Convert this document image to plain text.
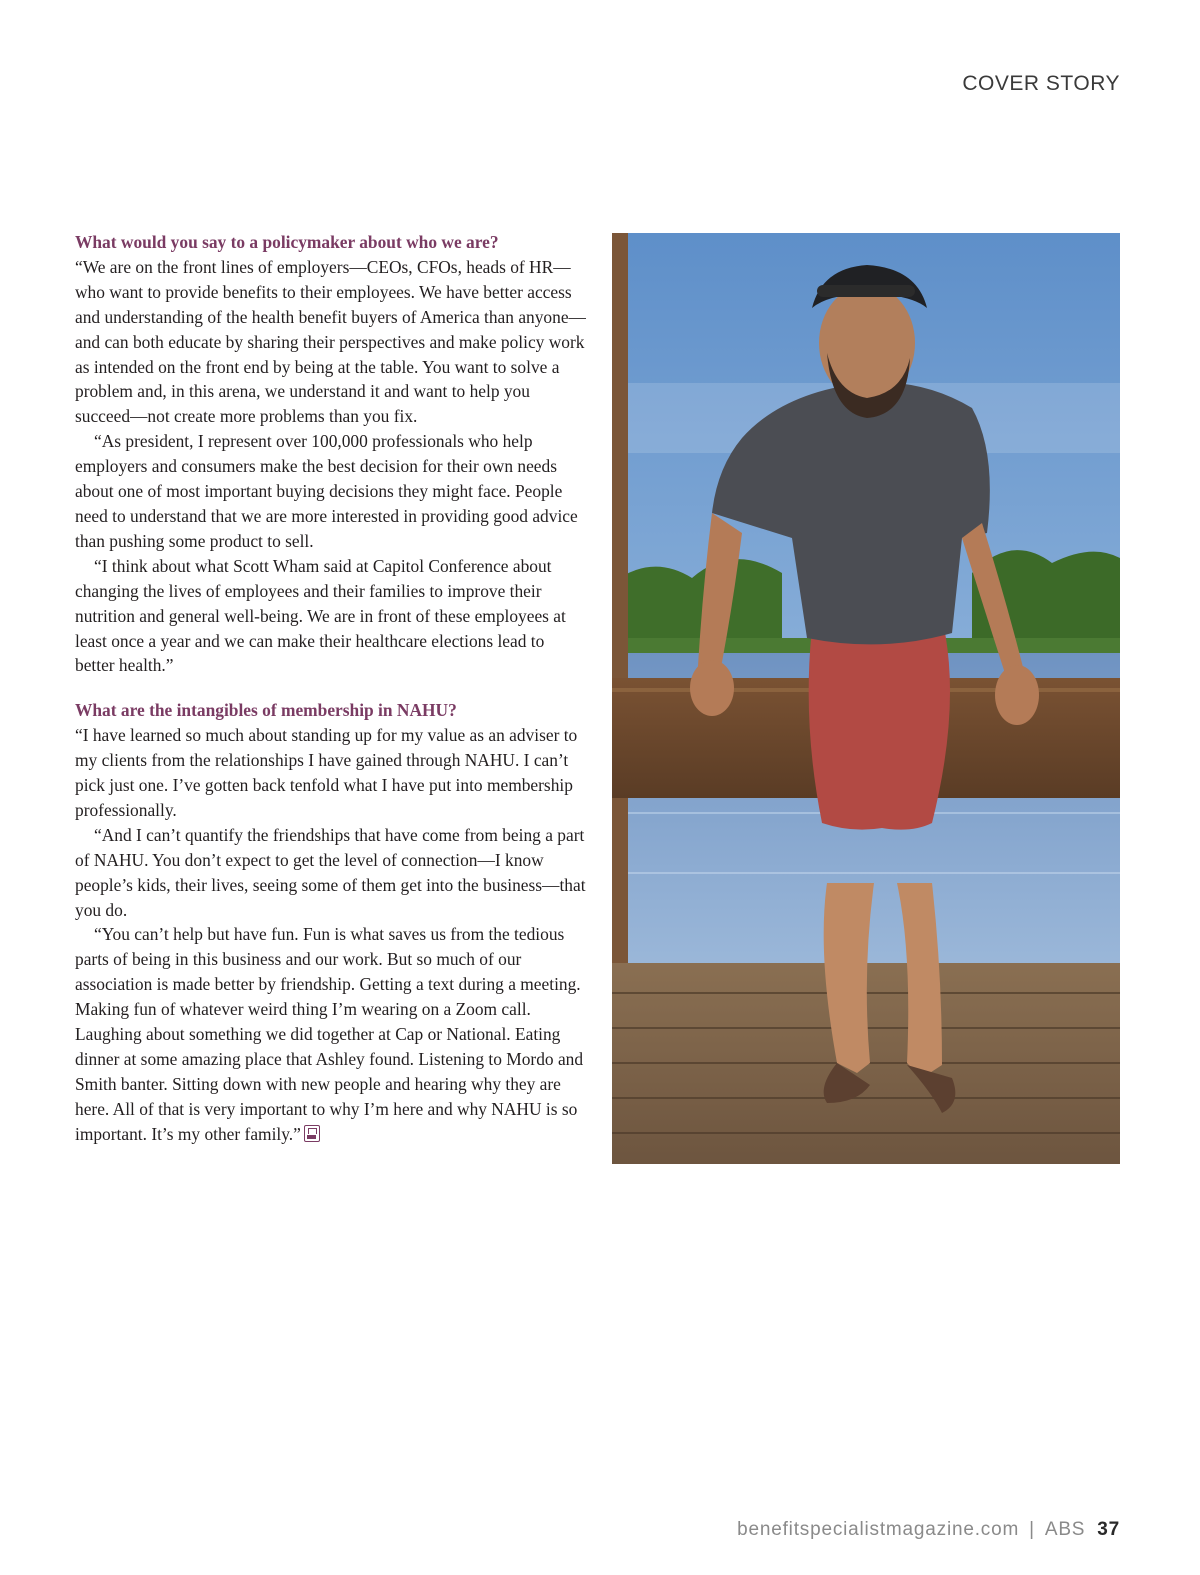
COVER STORY
What would you say to a policymaker about who we are?

“We are on the front lines of employers—CEOs, CFOs, heads of HR—who want to provide benefits to their employees. We have better access and understanding of the health benefit buyers of America than anyone—and can both educate by sharing their perspectives and make policy work as intended on the front end by being at the table. You want to solve a problem and, in this arena, we understand it and want to help you succeed—not create more problems than you fix.

“As president, I represent over 100,000 professionals who help employers and consumers make the best decision for their own needs about one of most important buying decisions they might face. People need to understand that we are more interested in providing good advice than pushing some product to sell.

“I think about what Scott Wham said at Capitol Conference about changing the lives of employees and their families to improve their nutrition and general well-being. We are in front of these employees at least once a year and we can make their healthcare elections lead to better health.”

What are the intangibles of membership in NAHU?

“I have learned so much about standing up for my value as an adviser to my clients from the relationships I have gained through NAHU. I can’t pick just one. I’ve gotten back tenfold what I have put into membership professionally.

“And I can’t quantify the friendships that have come from being a part of NAHU. You don’t expect to get the level of connection—I know people’s kids, their lives, seeing some of them get into the business—that you do.

“You can’t help but have fun. Fun is what saves us from the tedious parts of being in this business and our work. But so much of our association is made better by friendship. Getting a text during a meeting. Making fun of whatever weird thing I’m wearing on a Zoom call. Laughing about something we did together at Cap or National. Eating dinner at some amazing place that Ashley found. Listening to Mordo and Smith banter. Sitting down with new people and hearing why they are here. All of that is very important to why I’m here and why NAHU is so important. It’s my other family.”

benefitspecialistmagazine.com | ABS 37
